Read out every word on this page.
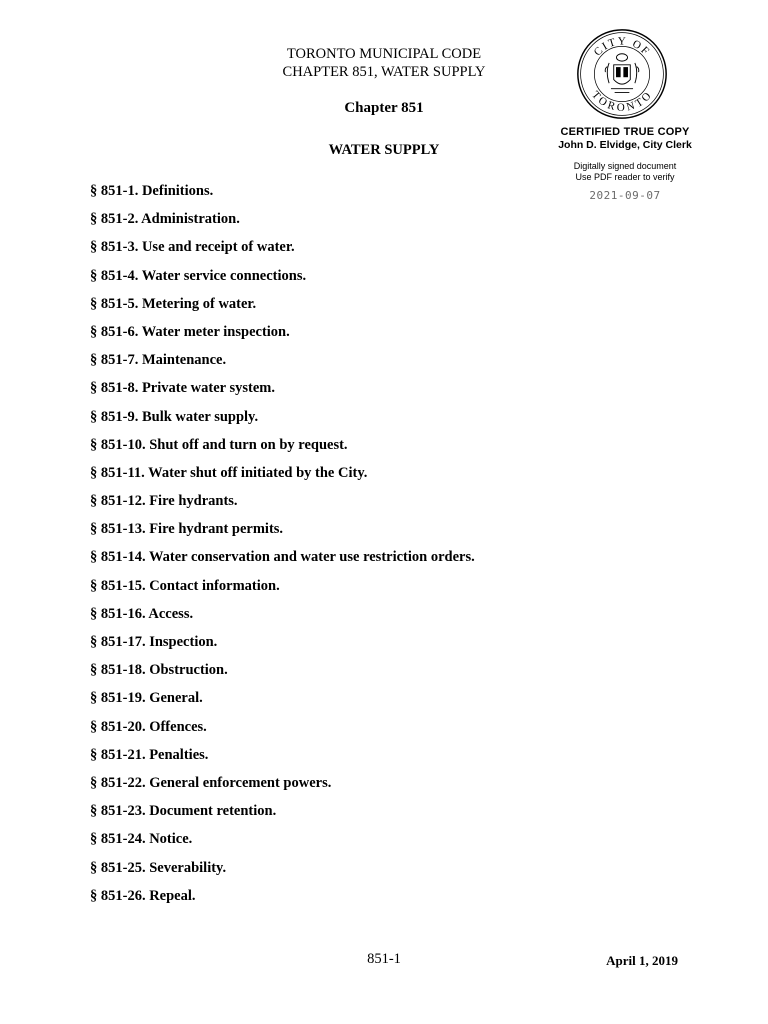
TORONTO MUNICIPAL CODE
CHAPTER 851, WATER SUPPLY
Chapter 851
WATER SUPPLY
CITY OF
TORONTO
CERTIFIED TRUE COPY
John D. Elvidge, City Clerk
Digitally signed document
Use PDF reader to verify
2021-09-07
§ 851-1. Definitions.
§ 851-2. Administration.
§ 851-3. Use and receipt of water.
§ 851-4. Water service connections.
§ 851-5. Metering of water.
§ 851-6. Water meter inspection.
§ 851-7. Maintenance.
§ 851-8. Private water system.
§ 851-9. Bulk water supply.
§ 851-10. Shut off and turn on by request.
§ 851-11. Water shut off initiated by the City.
§ 851-12. Fire hydrants.
§ 851-13. Fire hydrant permits.
§ 851-14. Water conservation and water use restriction orders.
§ 851-15. Contact information.
§ 851-16. Access.
§ 851-17. Inspection.
§ 851-18. Obstruction.
§ 851-19. General.
§ 851-20. Offences.
§ 851-21. Penalties.
§ 851-22. General enforcement powers.
§ 851-23. Document retention.
§ 851-24. Notice.
§ 851-25. Severability.
§ 851-26. Repeal.
851-1	April 1, 2019
